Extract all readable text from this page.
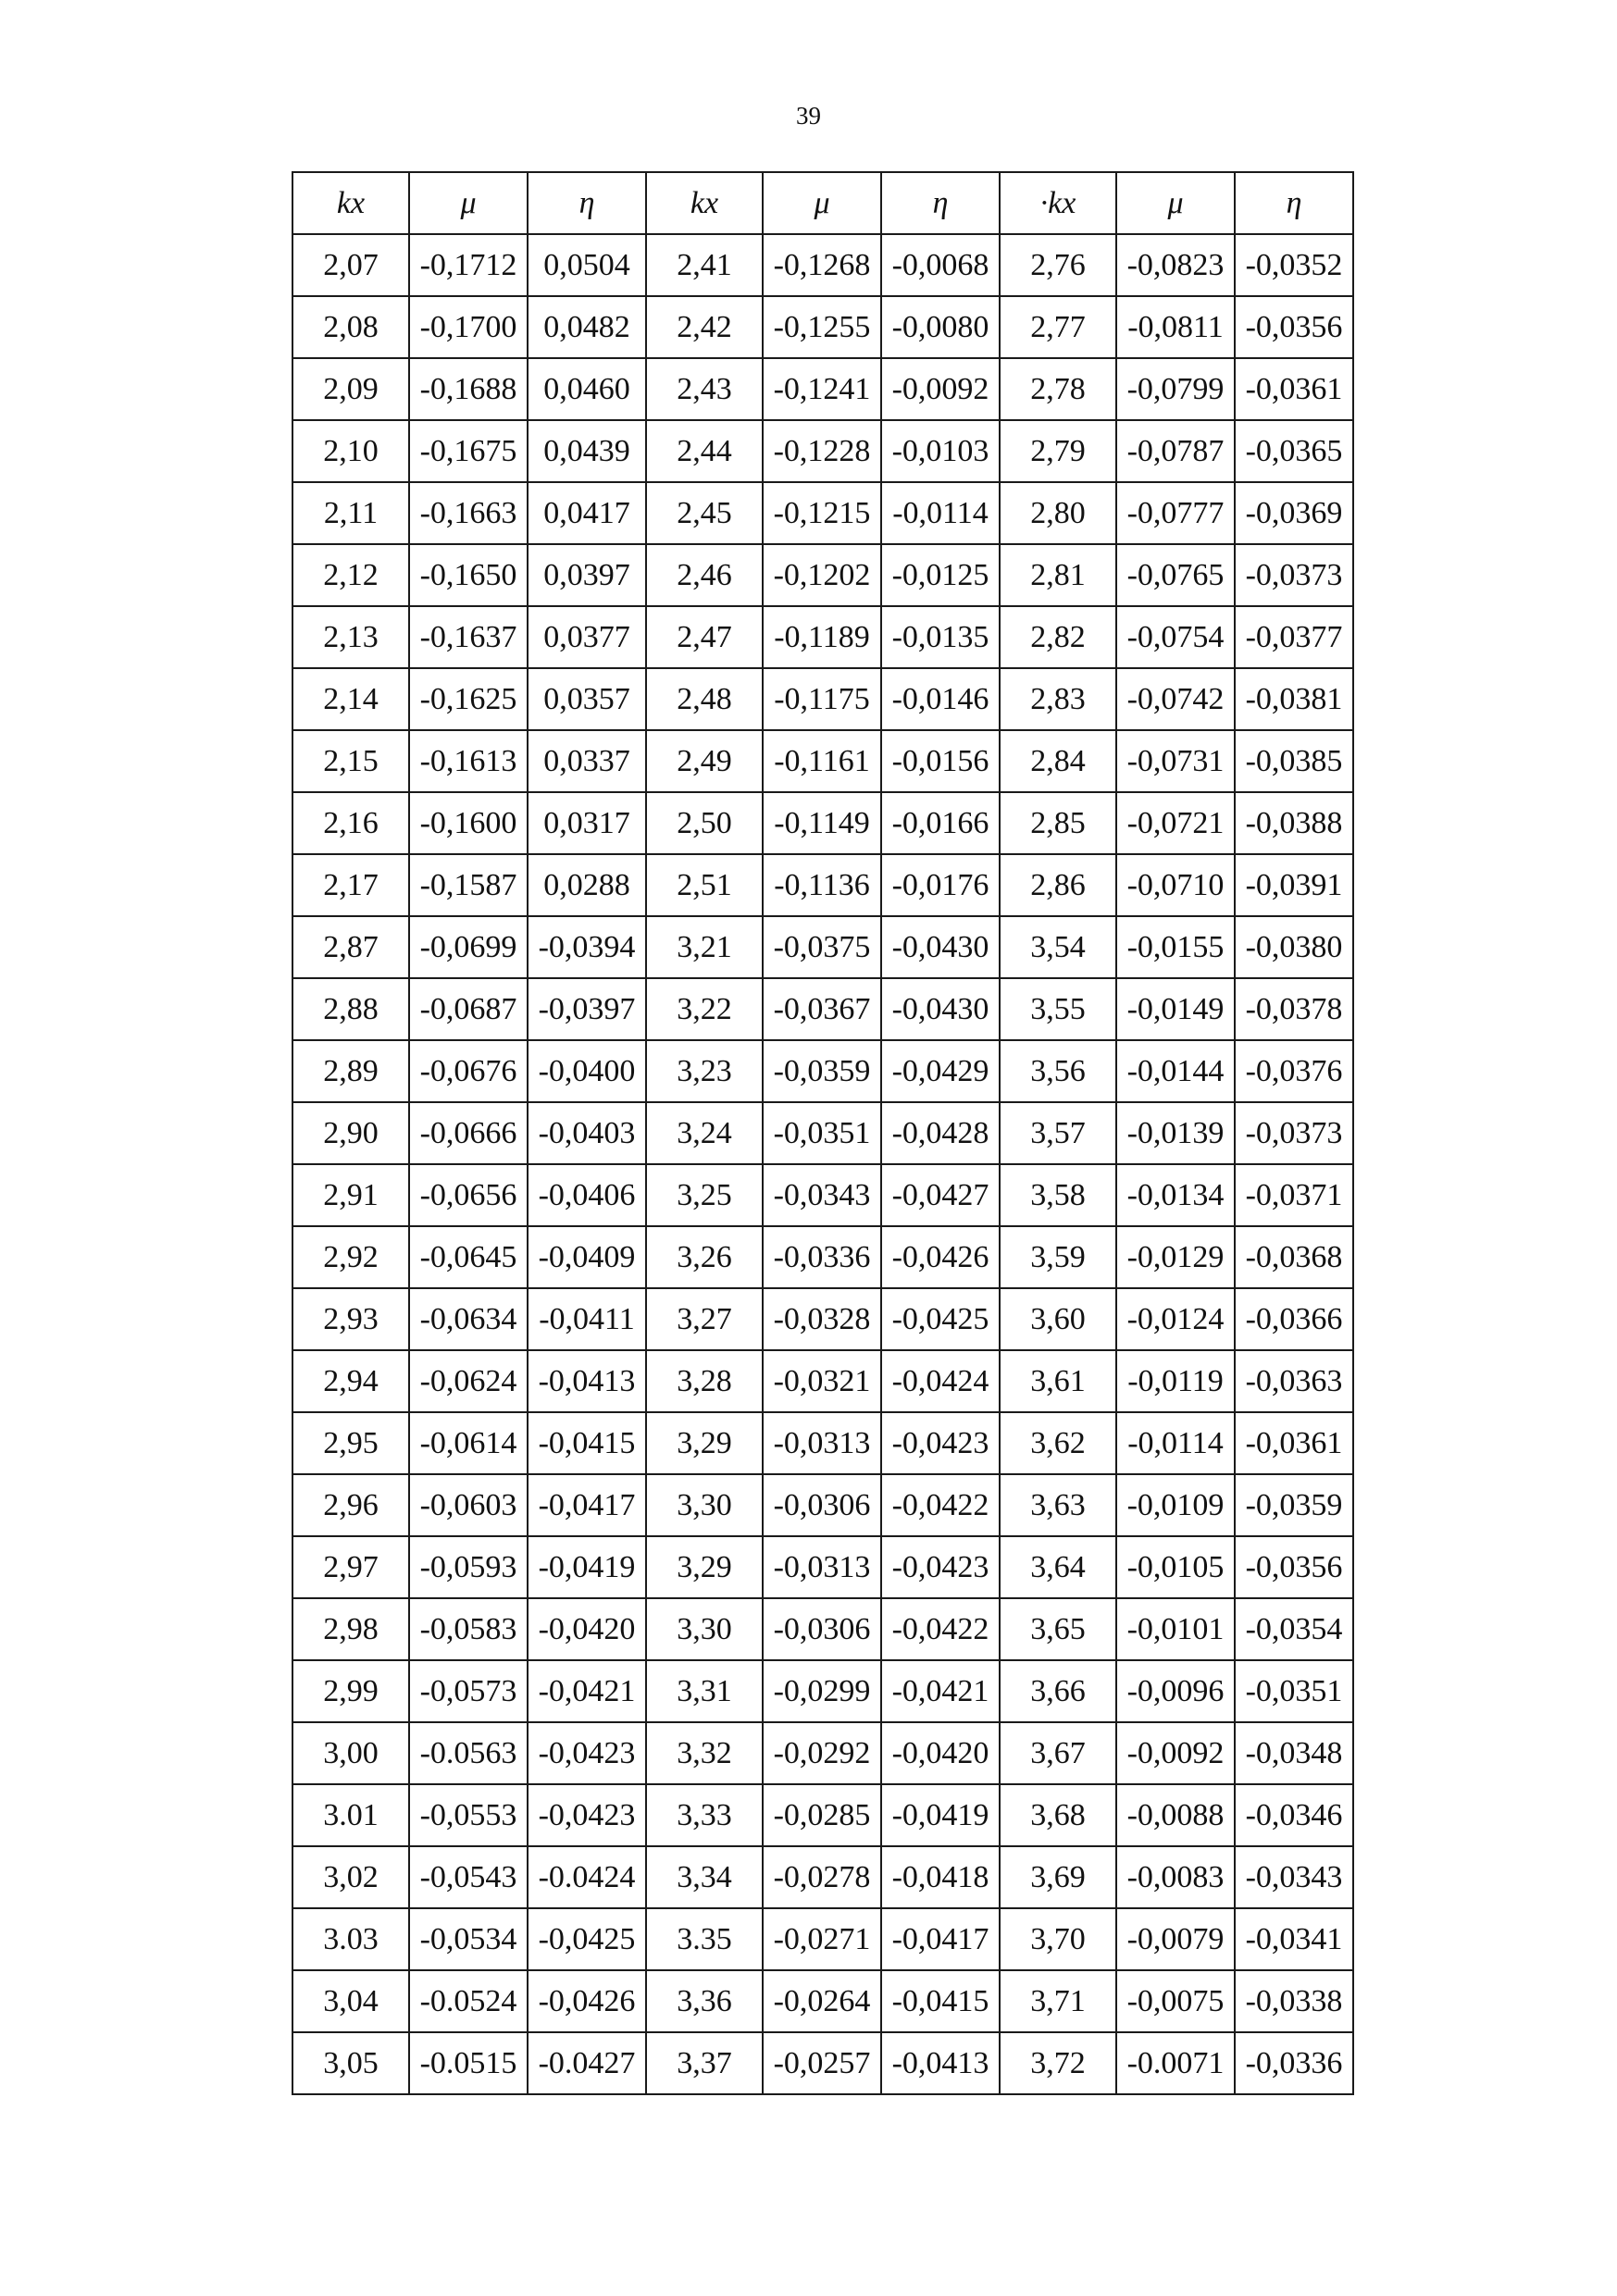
39
kx	μ	η	kx	μ	η	·kx	μ	η
2,07	-0,1712	0,0504	2,41	-0,1268	-0,0068	2,76	-0,0823	-0,0352
2,08	-0,1700	0,0482	2,42	-0,1255	-0,0080	2,77	-0,0811	-0,0356
2,09	-0,1688	0,0460	2,43	-0,1241	-0,0092	2,78	-0,0799	-0,0361
2,10	-0,1675	0,0439	2,44	-0,1228	-0,0103	2,79	-0,0787	-0,0365
2,11	-0,1663	0,0417	2,45	-0,1215	-0,0114	2,80	-0,0777	-0,0369
2,12	-0,1650	0,0397	2,46	-0,1202	-0,0125	2,81	-0,0765	-0,0373
2,13	-0,1637	0,0377	2,47	-0,1189	-0,0135	2,82	-0,0754	-0,0377
2,14	-0,1625	0,0357	2,48	-0,1175	-0,0146	2,83	-0,0742	-0,0381
2,15	-0,1613	0,0337	2,49	-0,1161	-0,0156	2,84	-0,0731	-0,0385
2,16	-0,1600	0,0317	2,50	-0,1149	-0,0166	2,85	-0,0721	-0,0388
2,17	-0,1587	0,0288	2,51	-0,1136	-0,0176	2,86	-0,0710	-0,0391
2,87	-0,0699	-0,0394	3,21	-0,0375	-0,0430	3,54	-0,0155	-0,0380
2,88	-0,0687	-0,0397	3,22	-0,0367	-0,0430	3,55	-0,0149	-0,0378
2,89	-0,0676	-0,0400	3,23	-0,0359	-0,0429	3,56	-0,0144	-0,0376
2,90	-0,0666	-0,0403	3,24	-0,0351	-0,0428	3,57	-0,0139	-0,0373
2,91	-0,0656	-0,0406	3,25	-0,0343	-0,0427	3,58	-0,0134	-0,0371
2,92	-0,0645	-0,0409	3,26	-0,0336	-0,0426	3,59	-0,0129	-0,0368
2,93	-0,0634	-0,0411	3,27	-0,0328	-0,0425	3,60	-0,0124	-0,0366
2,94	-0,0624	-0,0413	3,28	-0,0321	-0,0424	3,61	-0,0119	-0,0363
2,95	-0,0614	-0,0415	3,29	-0,0313	-0,0423	3,62	-0,0114	-0,0361
2,96	-0,0603	-0,0417	3,30	-0,0306	-0,0422	3,63	-0,0109	-0,0359
2,97	-0,0593	-0,0419	3,29	-0,0313	-0,0423	3,64	-0,0105	-0,0356
2,98	-0,0583	-0,0420	3,30	-0,0306	-0,0422	3,65	-0,0101	-0,0354
2,99	-0,0573	-0,0421	3,31	-0,0299	-0,0421	3,66	-0,0096	-0,0351
3,00	-0.0563	-0,0423	3,32	-0,0292	-0,0420	3,67	-0,0092	-0,0348
3.01	-0,0553	-0,0423	3,33	-0,0285	-0,0419	3,68	-0,0088	-0,0346
3,02	-0,0543	-0.0424	3,34	-0,0278	-0,0418	3,69	-0,0083	-0,0343
3.03	-0,0534	-0,0425	3.35	-0,0271	-0,0417	3,70	-0,0079	-0,0341
3,04	-0.0524	-0,0426	3,36	-0,0264	-0,0415	3,71	-0,0075	-0,0338
3,05	-0.0515	-0.0427	3,37	-0,0257	-0,0413	3,72	-0.0071	-0,0336
